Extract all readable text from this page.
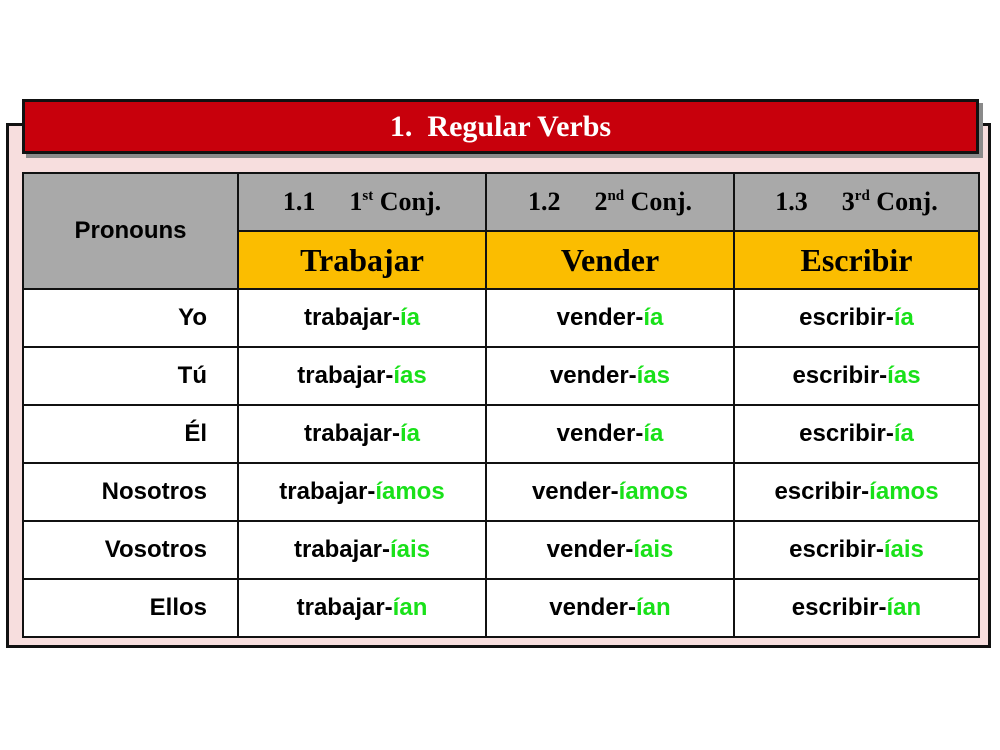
1.  Regular Verbs
Pronouns	1.1 1st Conj.	1.2 2nd Conj.	1.3 3rd Conj.
	Trabajar	Vender	Escribir
Yo	trabajar-ía	vender-ía	escribir-ía
Tú	trabajar-ías	vender-ías	escribir-ías
Él	trabajar-ía	vender-ía	escribir-ía
Nosotros	trabajar-íamos	vender-íamos	escribir-íamos
Vosotros	trabajar-íais	vender-íais	escribir-íais
Ellos	trabajar-ían	vender-ían	escribir-ían
